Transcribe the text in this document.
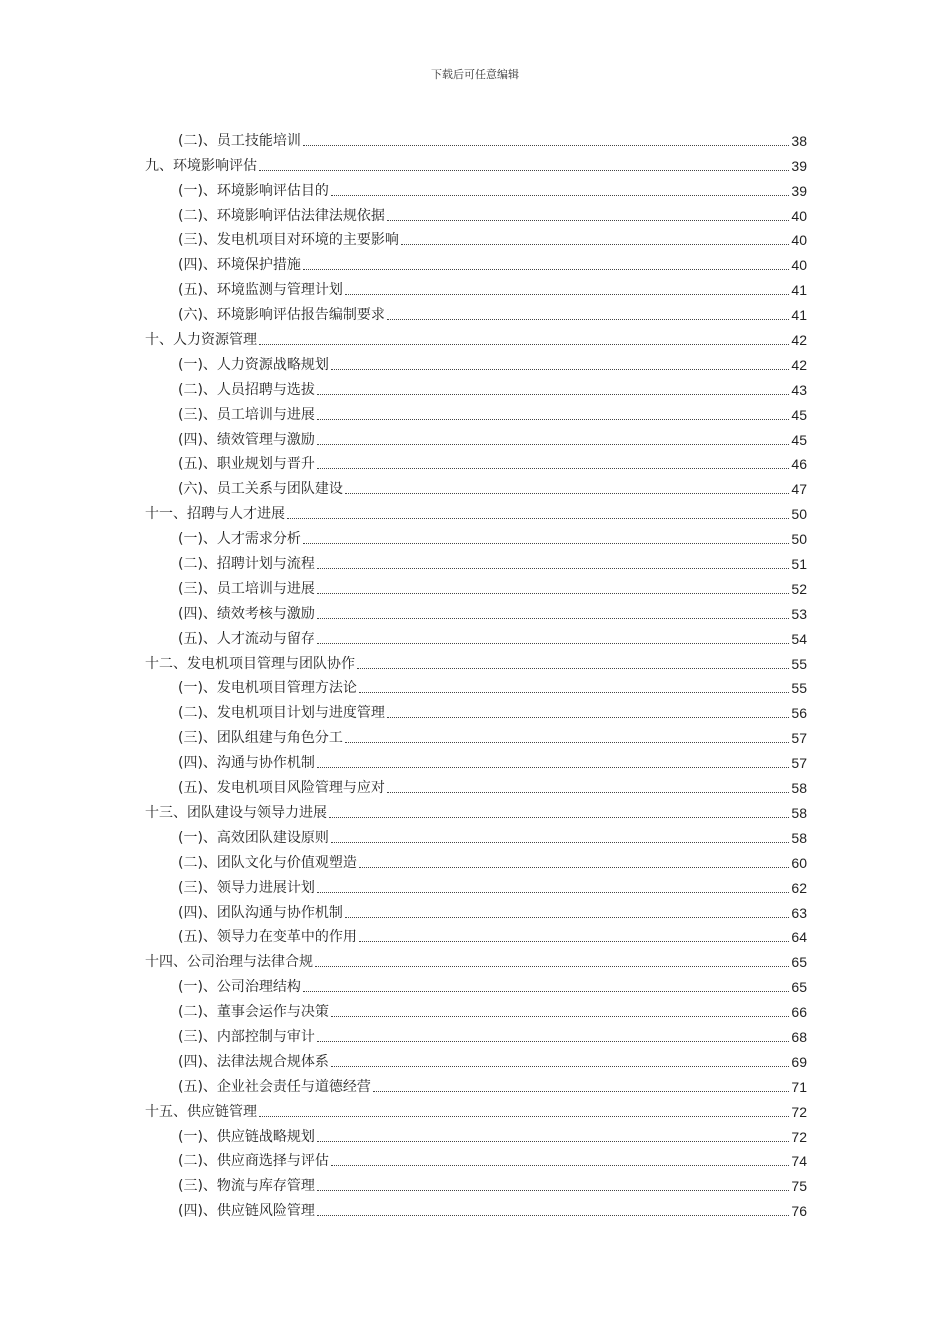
下载后可任意编辑
(二)、员工技能培训	38
九、环境影响评估	39
(一)、环境影响评估目的	39
(二)、环境影响评估法律法规依据	40
(三)、发电机项目对环境的主要影响	40
(四)、环境保护措施	40
(五)、环境监测与管理计划	41
(六)、环境影响评估报告编制要求	41
十、人力资源管理	42
(一)、人力资源战略规划	42
(二)、人员招聘与选拔	43
(三)、员工培训与进展	45
(四)、绩效管理与激励	45
(五)、职业规划与晋升	46
(六)、员工关系与团队建设	47
十一、招聘与人才进展	50
(一)、人才需求分析	50
(二)、招聘计划与流程	51
(三)、员工培训与进展	52
(四)、绩效考核与激励	53
(五)、人才流动与留存	54
十二、发电机项目管理与团队协作	55
(一)、发电机项目管理方法论	55
(二)、发电机项目计划与进度管理	56
(三)、团队组建与角色分工	57
(四)、沟通与协作机制	57
(五)、发电机项目风险管理与应对	58
十三、团队建设与领导力进展	58
(一)、高效团队建设原则	58
(二)、团队文化与价值观塑造	60
(三)、领导力进展计划	62
(四)、团队沟通与协作机制	63
(五)、领导力在变革中的作用	64
十四、公司治理与法律合规	65
(一)、公司治理结构	65
(二)、董事会运作与决策	66
(三)、内部控制与审计	68
(四)、法律法规合规体系	69
(五)、企业社会责任与道德经营	71
十五、供应链管理	72
(一)、供应链战略规划	72
(二)、供应商选择与评估	74
(三)、物流与库存管理	75
(四)、供应链风险管理	76
